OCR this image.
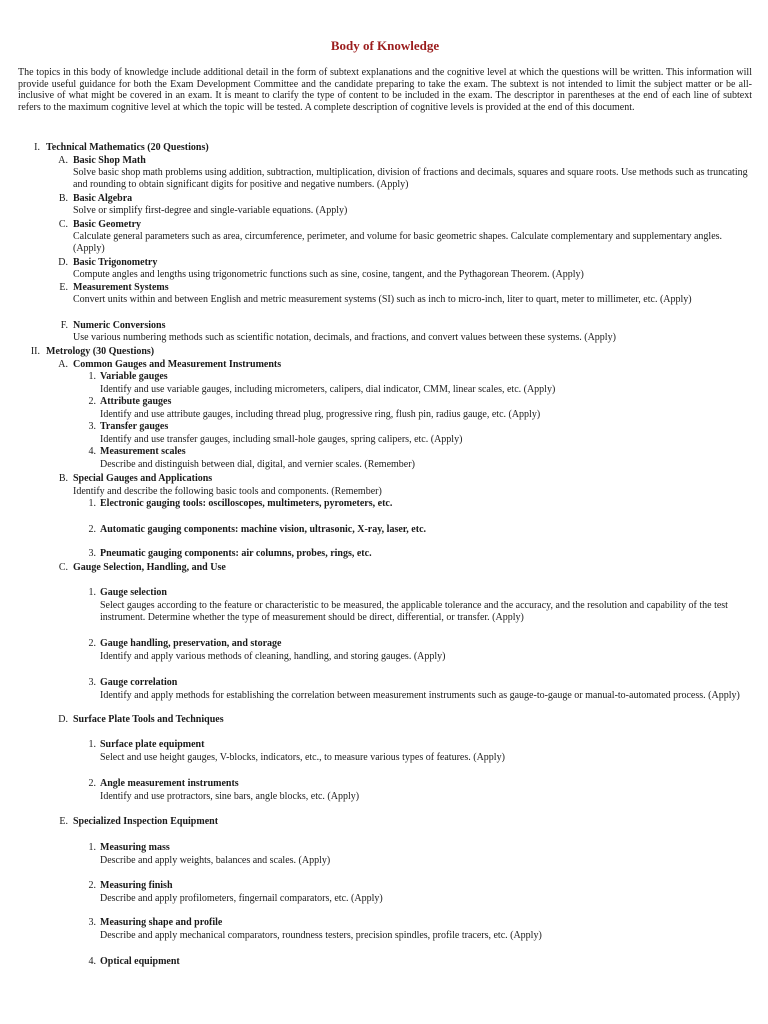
Body of Knowledge

The topics in this body of knowledge include additional detail in the form of subtext explanations and the cognitive level at which the questions will be written. This information will provide useful guidance for both the Exam Development Committee and the candidate preparing to take the exam. The subtext is not intended to limit the subject matter or be all-inclusive of what might be covered in an exam. It is meant to clarify the type of content to be included in the exam. The descriptor in parentheses at the end of each line of subtext refers to the maximum cognitive level at which the topic will be tested. A complete description of cognitive levels is provided at the end of this document.

I. Technical Mathematics (20 Questions)
A. Basic Shop Math

Solve basic shop math problems using addition, subtraction, multiplication, division of fractions and decimals, squares and square roots. Use methods such as truncating and rounding to obtain significant digits for positive and negative numbers. (Apply)

B. Basic Algebra

Solve or simplify first-degree and single-variable equations. (Apply)

C. Basic Geometry

Calculate general parameters such as area, circumference, perimeter, and volume for basic geometric shapes. Calculate complementary and supplementary angles. (Apply)

D. Basic Trigonometry

Compute angles and lengths using trigonometric functions such as sine, cosine, tangent, and the Pythagorean Theorem. (Apply)

E. Measurement Systems

Convert units within and between English and metric measurement systems (SI) such as inch to micro-inch, liter to quart, meter to millimeter, etc. (Apply)

F. Numeric Conversions

Use various numbering methods such as scientific notation, decimals, and fractions, and convert values between these systems. (Apply)

II. Metrology (30 Questions)
A. Common Gauges and Measurement Instruments
1. Variable gauges

Identify and use variable gauges, including micrometers, calipers, dial indicator, CMM, linear scales, etc. (Apply)

2. Attribute gauges

Identify and use attribute gauges, including thread plug, progressive ring, flush pin, radius gauge, etc. (Apply)

3. Transfer gauges

Identify and use transfer gauges, including small-hole gauges, spring calipers, etc. (Apply)

4. Measurement scales

Describe and distinguish between dial, digital, and vernier scales. (Remember)

B. Special Gauges and Applications

Identify and describe the following basic tools and components. (Remember)

1. Electronic gauging tools: oscilloscopes, multimeters, pyrometers, etc.
2. Automatic gauging components: machine vision, ultrasonic, X-ray, laser, etc.
3. Pneumatic gauging components: air columns, probes, rings, etc.
C. Gauge Selection, Handling, and Use
1. Gauge selection

Select gauges according to the feature or characteristic to be measured, the applicable tolerance and the accuracy, and the resolution and capability of the test instrument. Determine whether the type of measurement should be direct, differential, or transfer. (Apply)

2. Gauge handling, preservation, and storage

Identify and apply various methods of cleaning, handling, and storing gauges. (Apply)

3. Gauge correlation

Identify and apply methods for establishing the correlation between measurement instruments such as gauge-to-gauge or manual-to-automated process. (Apply)

D. Surface Plate Tools and Techniques
1. Surface plate equipment

Select and use height gauges, V-blocks, indicators, etc., to measure various types of features. (Apply)

2. Angle measurement instruments

Identify and use protractors, sine bars, angle blocks, etc. (Apply)

E. Specialized Inspection Equipment
1. Measuring mass

Describe and apply weights, balances and scales. (Apply)

2. Measuring finish

Describe and apply profilometers, fingernail comparators, etc. (Apply)

3. Measuring shape and profile

Describe and apply mechanical comparators, roundness testers, precision spindles, profile tracers, etc. (Apply)

4. Optical equipment
